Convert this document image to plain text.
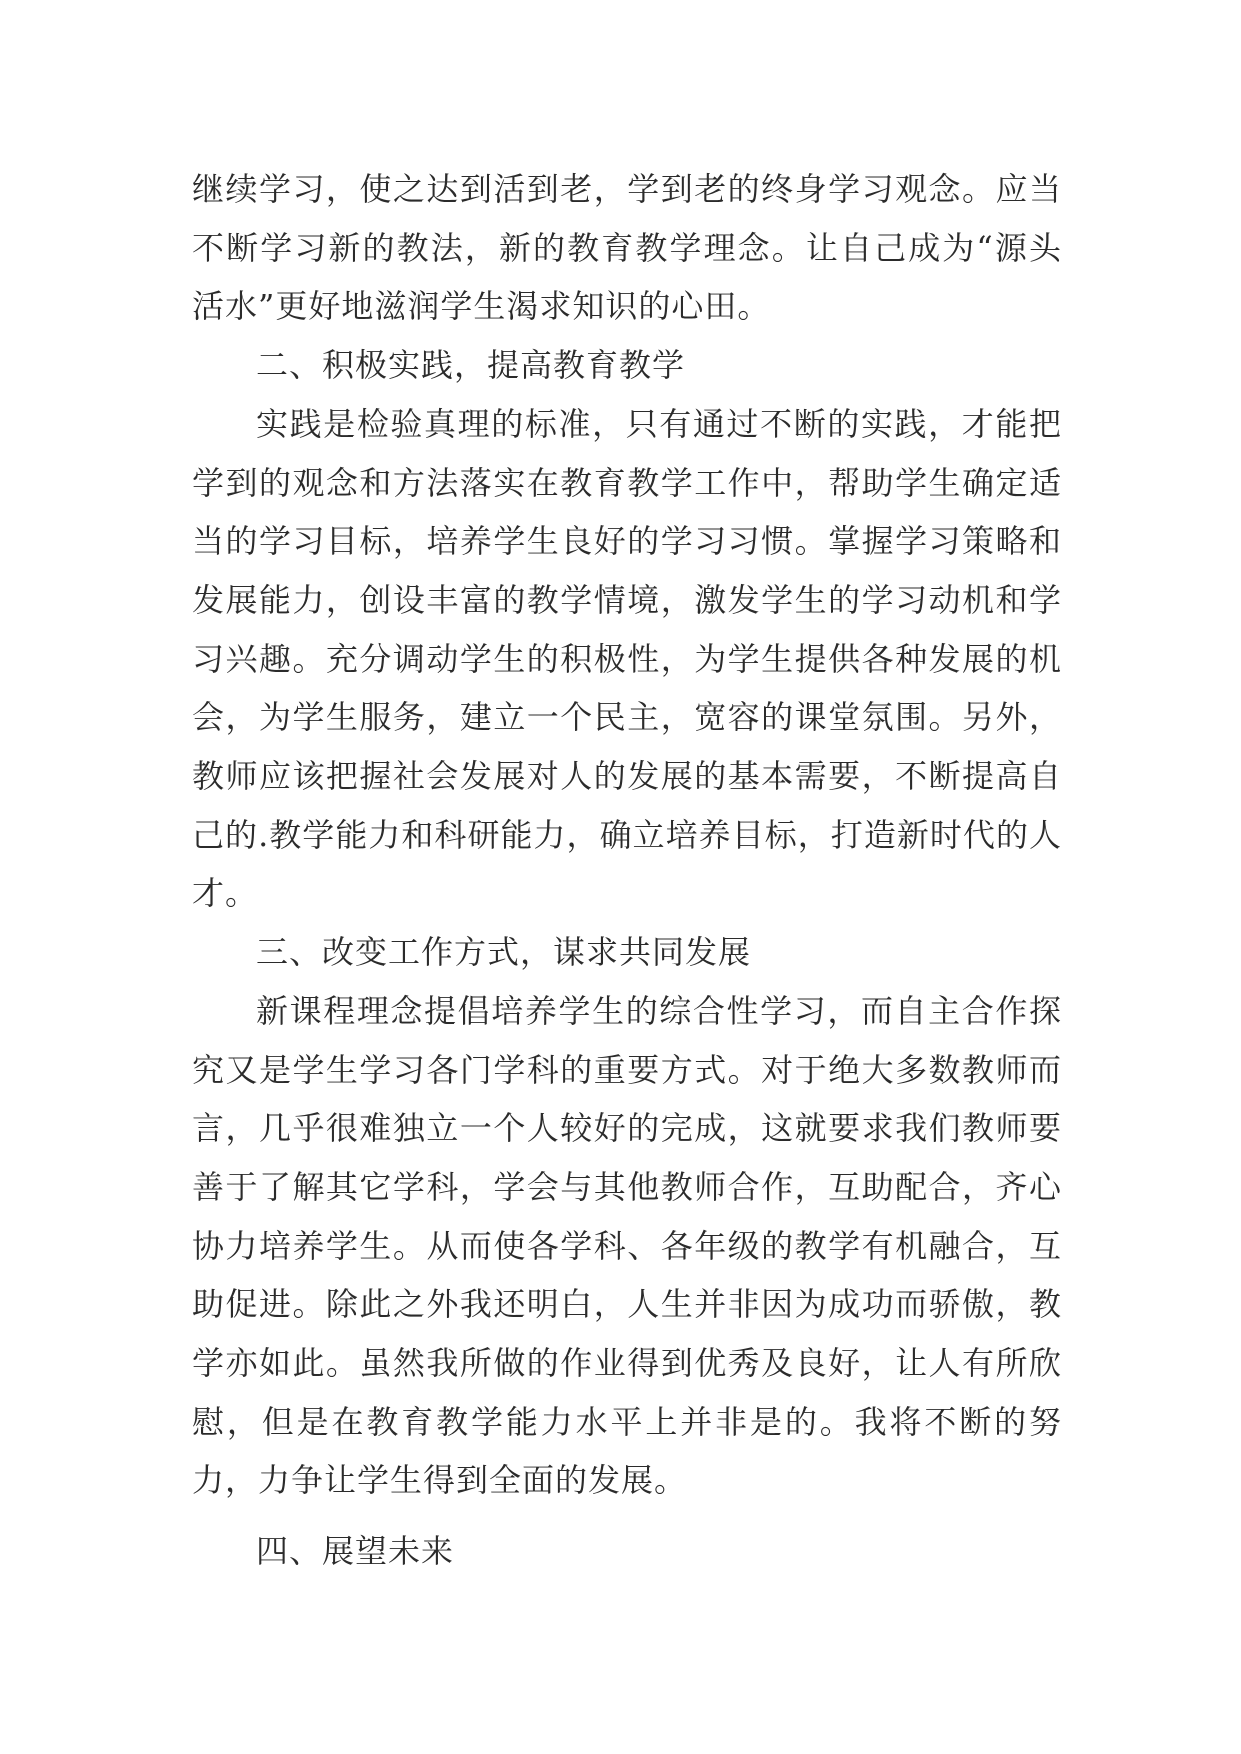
继续学习，使之达到活到老，学到老的终身学习观念。应当不断学习新的教法，新的教育教学理念。让自己成为“源头活水”更好地滋润学生渴求知识的心田。

二、积极实践，提高教育教学

实践是检验真理的标准，只有通过不断的实践，才能把学到的观念和方法落实在教育教学工作中，帮助学生确定适当的学习目标，培养学生良好的学习习惯。掌握学习策略和发展能力，创设丰富的教学情境，激发学生的学习动机和学习兴趣。充分调动学生的积极性，为学生提供各种发展的机会，为学生服务，建立一个民主，宽容的课堂氛围。另外，教师应该把握社会发展对人的发展的基本需要，不断提高自己的.教学能力和科研能力，确立培养目标，打造新时代的人才。

三、改变工作方式，谋求共同发展

新课程理念提倡培养学生的综合性学习，而自主合作探究又是学生学习各门学科的重要方式。对于绝大多数教师而言，几乎很难独立一个人较好的完成，这就要求我们教师要善于了解其它学科，学会与其他教师合作，互助配合，齐心协力培养学生。从而使各学科、各年级的教学有机融合，互助促进。除此之外我还明白，人生并非因为成功而骄傲，教学亦如此。虽然我所做的作业得到优秀及良好，让人有所欣慰，但是在教育教学能力水平上并非是的。我将不断的努力，力争让学生得到全面的发展。

四、展望未来
